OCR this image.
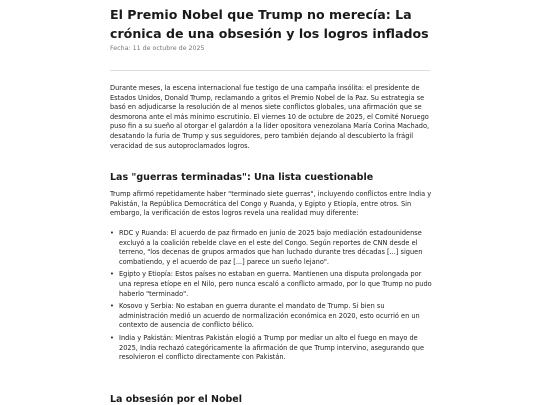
El Premio Nobel que Trump no merecía: La crónica de una obsesión y los logros inflados
Fecha: 11 de octubre de 2025

Durante meses, la escena internacional fue testigo de una campaña insólita: el presidente de Estados Unidos, Donald Trump, reclamando a gritos el Premio Nobel de la Paz. Su estrategia se basó en adjudicarse la resolución de al menos siete conflictos globales, una afirmación que se desmorona ante el más mínimo escrutinio. El viernes 10 de octubre de 2025, el Comité Noruego puso fin a su sueño al otorgar el galardón a la líder opositora venezolana María Corina Machado, desatando la furia de Trump y sus seguidores, pero también dejando al descubierto la frágil veracidad de sus autoproclamados logros.

Las "guerras terminadas": Una lista cuestionable

Trump afirmó repetidamente haber "terminado siete guerras", incluyendo conflictos entre India y Pakistán, la República Democrática del Congo y Ruanda, y Egipto y Etiopía, entre otros. Sin embargo, la verificación de estos logros revela una realidad muy diferente:

• RDC y Ruanda: El acuerdo de paz firmado en junio de 2025 bajo mediación estadounidense excluyó a la coalición rebelde clave en el este del Congo. Según reportes de CNN desde el terreno, "los decenas de grupos armados que han luchado durante tres décadas [...] siguen combatiendo, y el acuerdo de paz [...] parece un sueño lejano".
• Egipto y Etiopía: Estos países no estaban en guerra. Mantienen una disputa prolongada por una represa etíope en el Nilo, pero nunca escaló a conflicto armado, por lo que Trump no pudo haberlo "terminado".
• Kosovo y Serbia: No estaban en guerra durante el mandato de Trump. Si bien su administración medió un acuerdo de normalización económica en 2020, esto ocurrió en un contexto de ausencia de conflicto bélico.
• India y Pakistán: Mientras Pakistán elogió a Trump por mediar un alto el fuego en mayo de 2025, India rechazó categóricamente la afirmación de que Trump intervino, asegurando que resolvieron el conflicto directamente con Pakistán.
La obsesión por el Nobel
